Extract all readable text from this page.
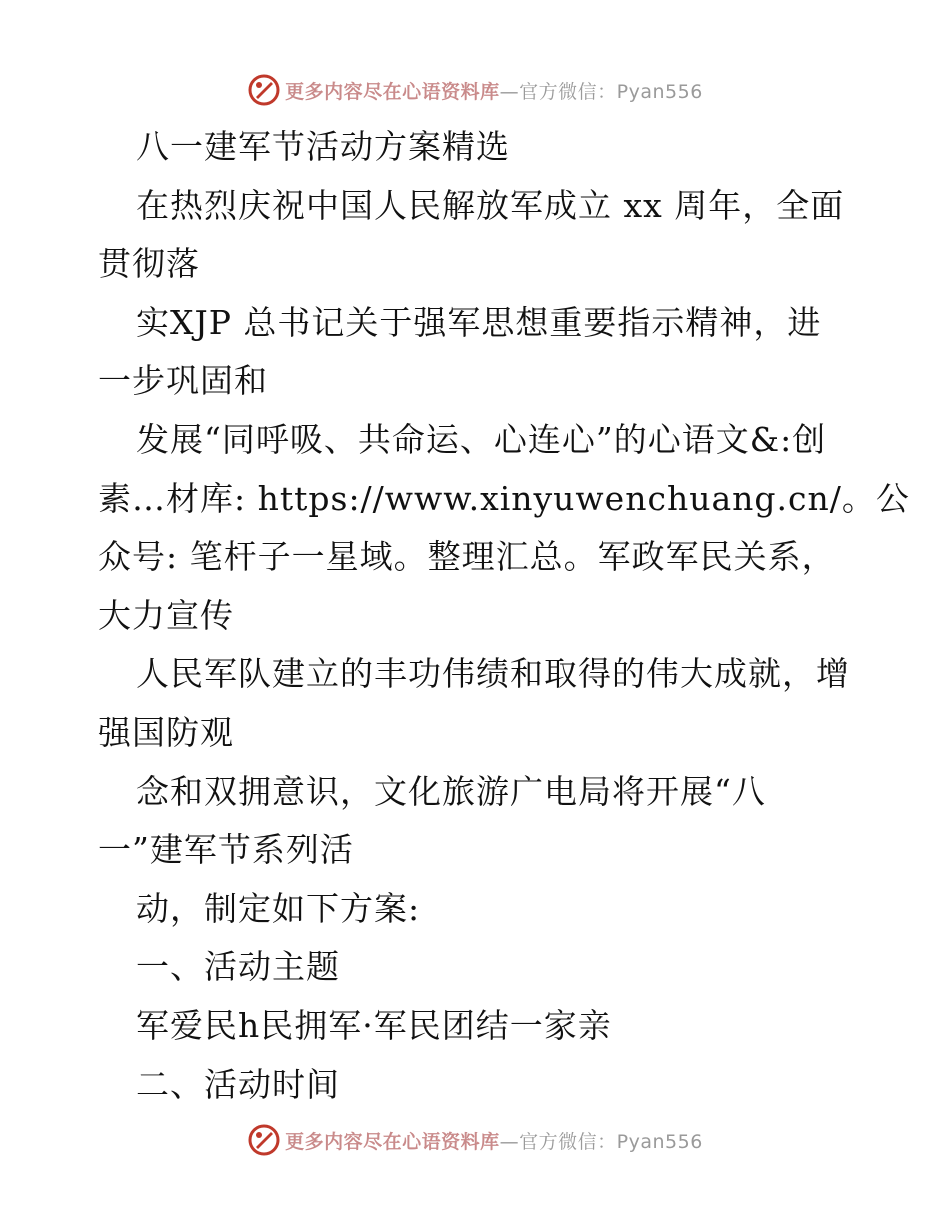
更多内容尽在心语资料库—官方微信：Pyan556
八一建军节活动方案精选
在热烈庆祝中国人民解放军成立 xx 周年，全面
贯彻落
实XJP 总书记关于强军思想重要指示精神，进
一步巩固和
发展“同呼吸、共命运、心连心”的心语文&:创
素…材库: https://www.xinyuwenchuang.cn/。公
众号: 笔杆子一星域。整理汇总。军政军民关系，
大力宣传
人民军队建立的丰功伟绩和取得的伟大成就，增
强国防观
念和双拥意识，文化旅游广电局将开展“八
一”建军节系列活
动，制定如下方案:
一、活动主题
军爱民h民拥军·军民团结一家亲
二、活动时间
更多内容尽在心语资料库—官方微信：Pyan556
